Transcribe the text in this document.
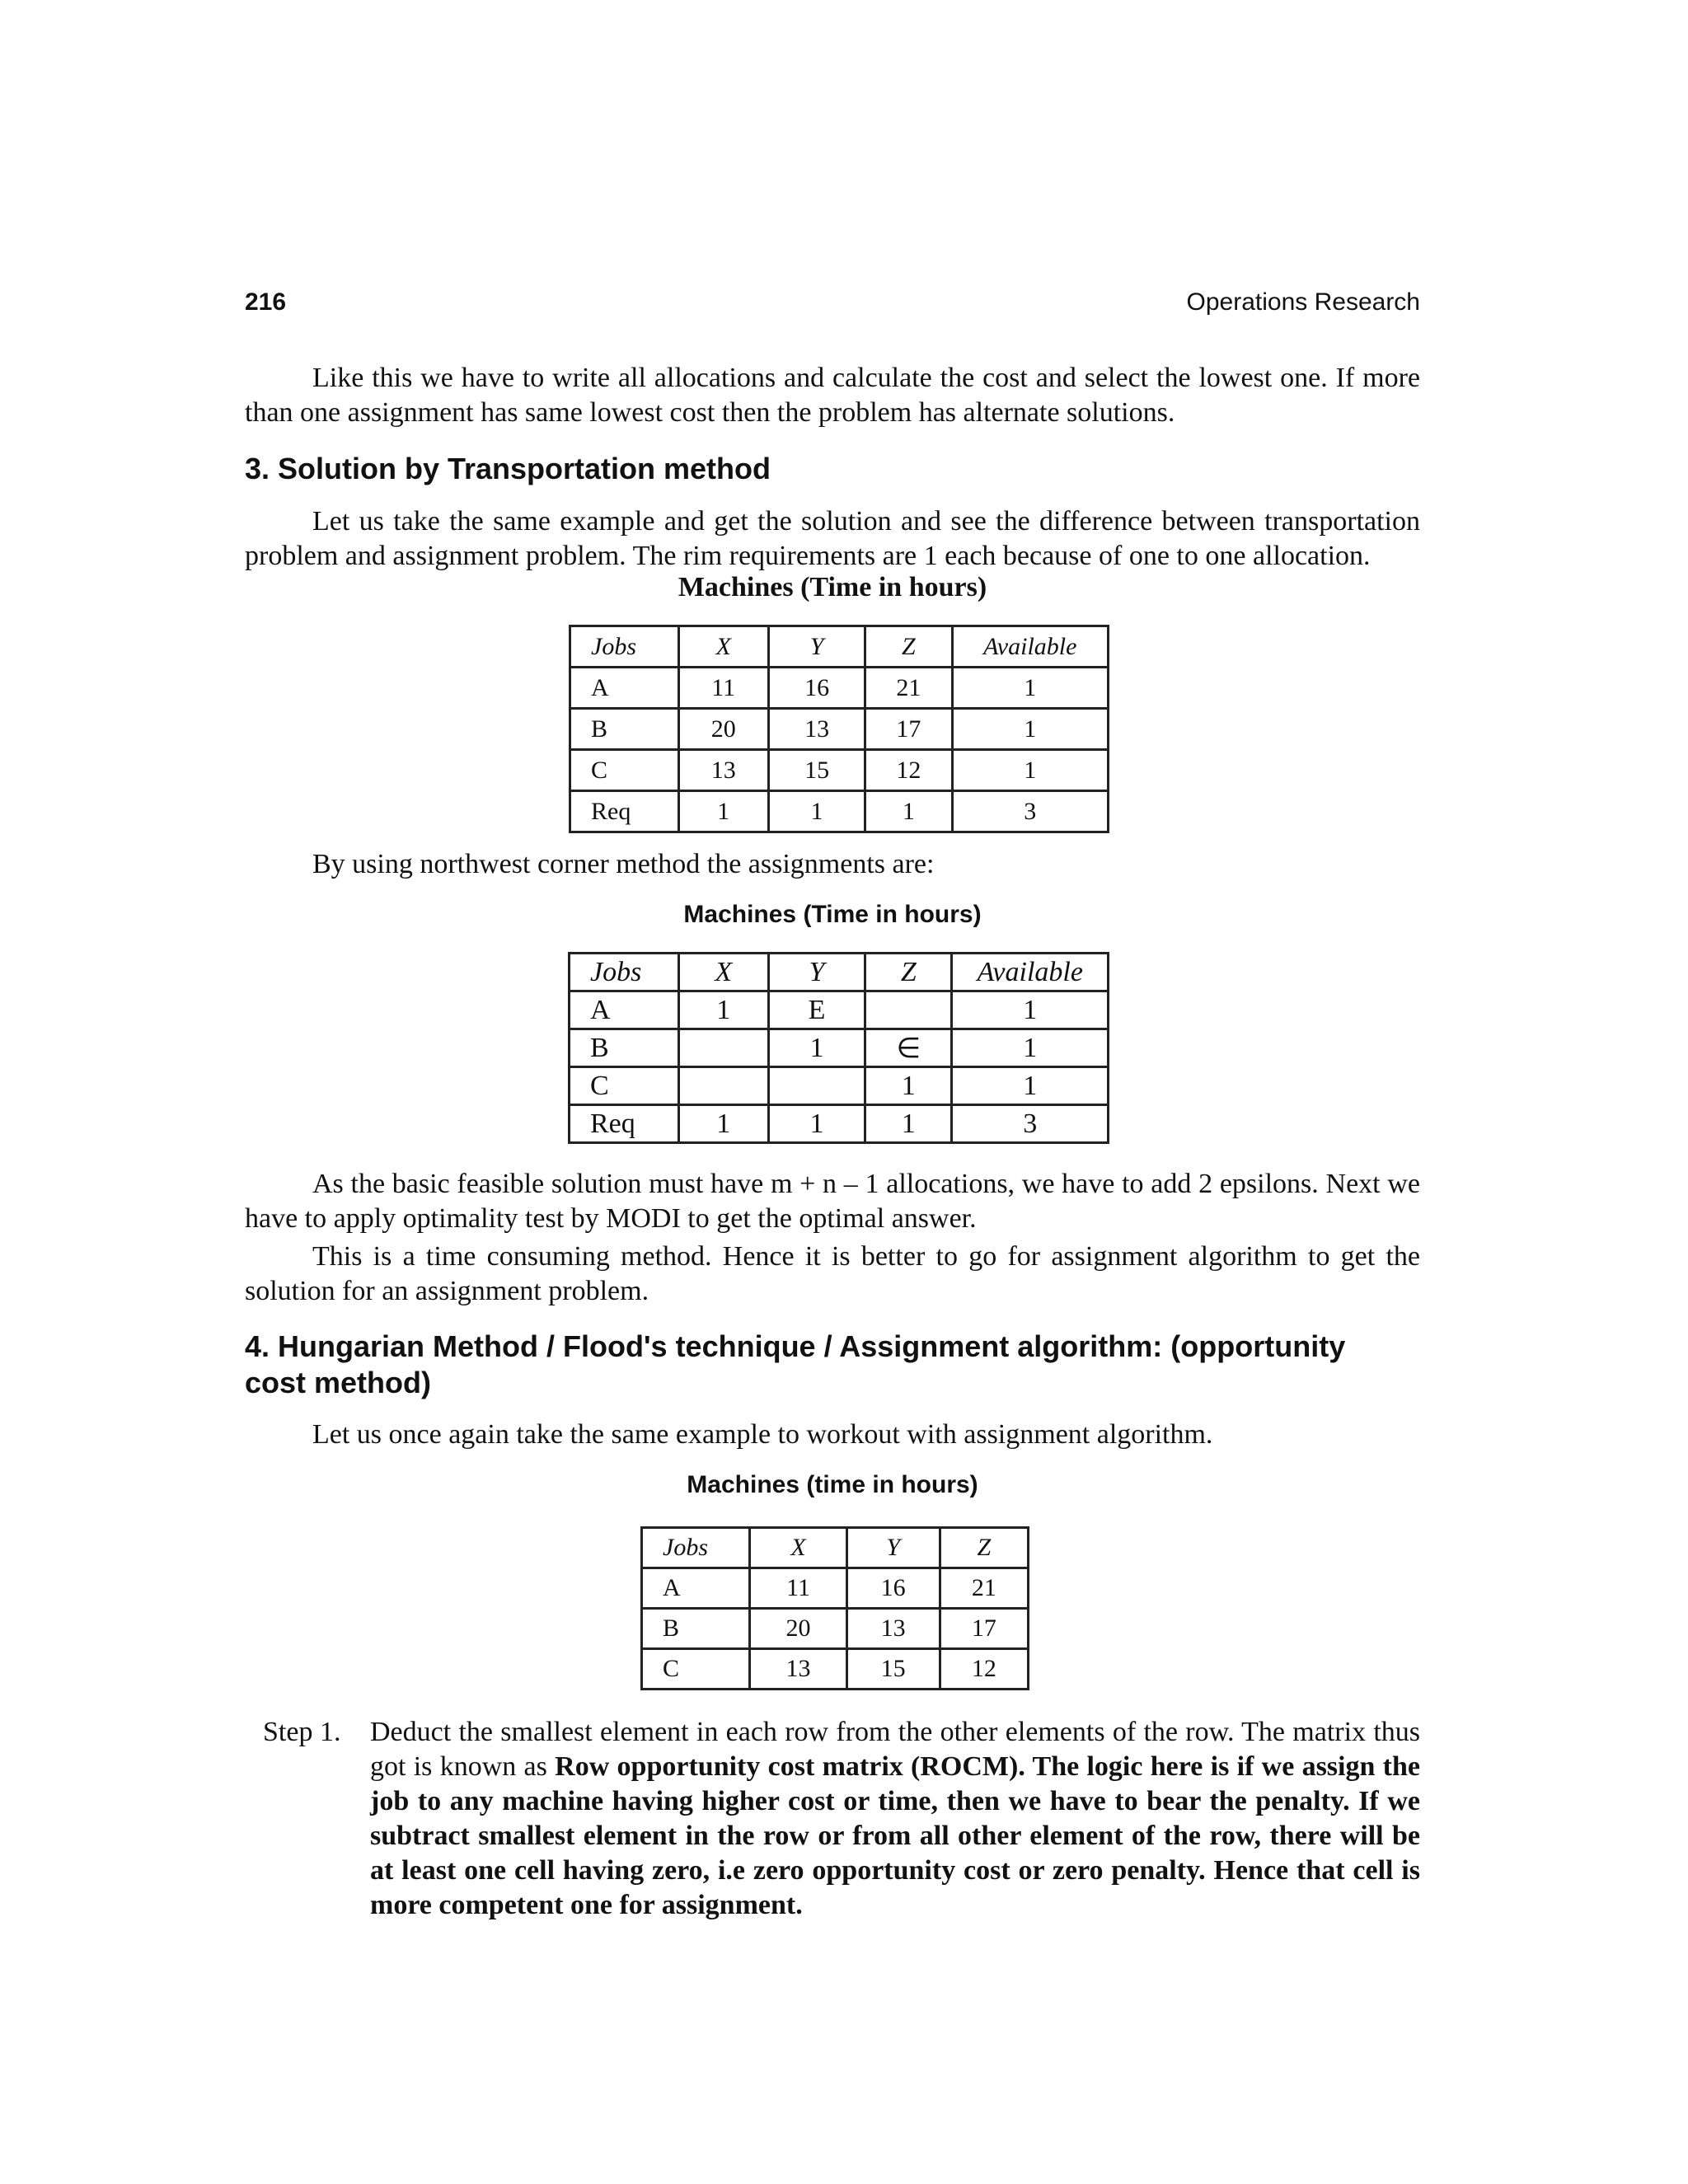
216	Operations Research

Like this we have to write all allocations and calculate the cost and select the lowest one. If more than one assignment has same lowest cost then the problem has alternate solutions.

3. Solution by Transportation method

Let us take the same example and get the solution and see the difference between transportation problem and assignment problem. The rim requirements are 1 each because of one to one allocation.

Machines (Time in hours)

Jobs	X	Y	Z	Available
A	11	16	21	1
B	20	13	17	1
C	13	15	12	1
Req	1	1	1	3

By using northwest corner method the assignments are:

Machines (Time in hours)

Jobs	X	Y	Z	Available
A	1	E		1
B		1	∈	1
C			1	1
Req	1	1	1	3

As the basic feasible solution must have m + n – 1 allocations, we have to add 2 epsilons. Next we have to apply optimality test by MODI to get the optimal answer.

This is a time consuming method. Hence it is better to go for assignment algorithm to get the solution for an assignment problem.

4. Hungarian Method / Flood's technique / Assignment algorithm: (opportunity cost method)

Let us once again take the same example to workout with assignment algorithm.

Machines (time in hours)

Jobs	X	Y	Z
A	11	16	21
B	20	13	17
C	13	15	12
Step 1. Deduct the smallest element in each row from the other elements of the row. The matrix thus got is known as Row opportunity cost matrix (ROCM). The logic here is if we assign the job to any machine having higher cost or time, then we have to bear the penalty. If we subtract smallest element in the row or from all other element of the row, there will be at least one cell having zero, i.e zero opportunity cost or zero penalty. Hence that cell is more competent one for assignment.
